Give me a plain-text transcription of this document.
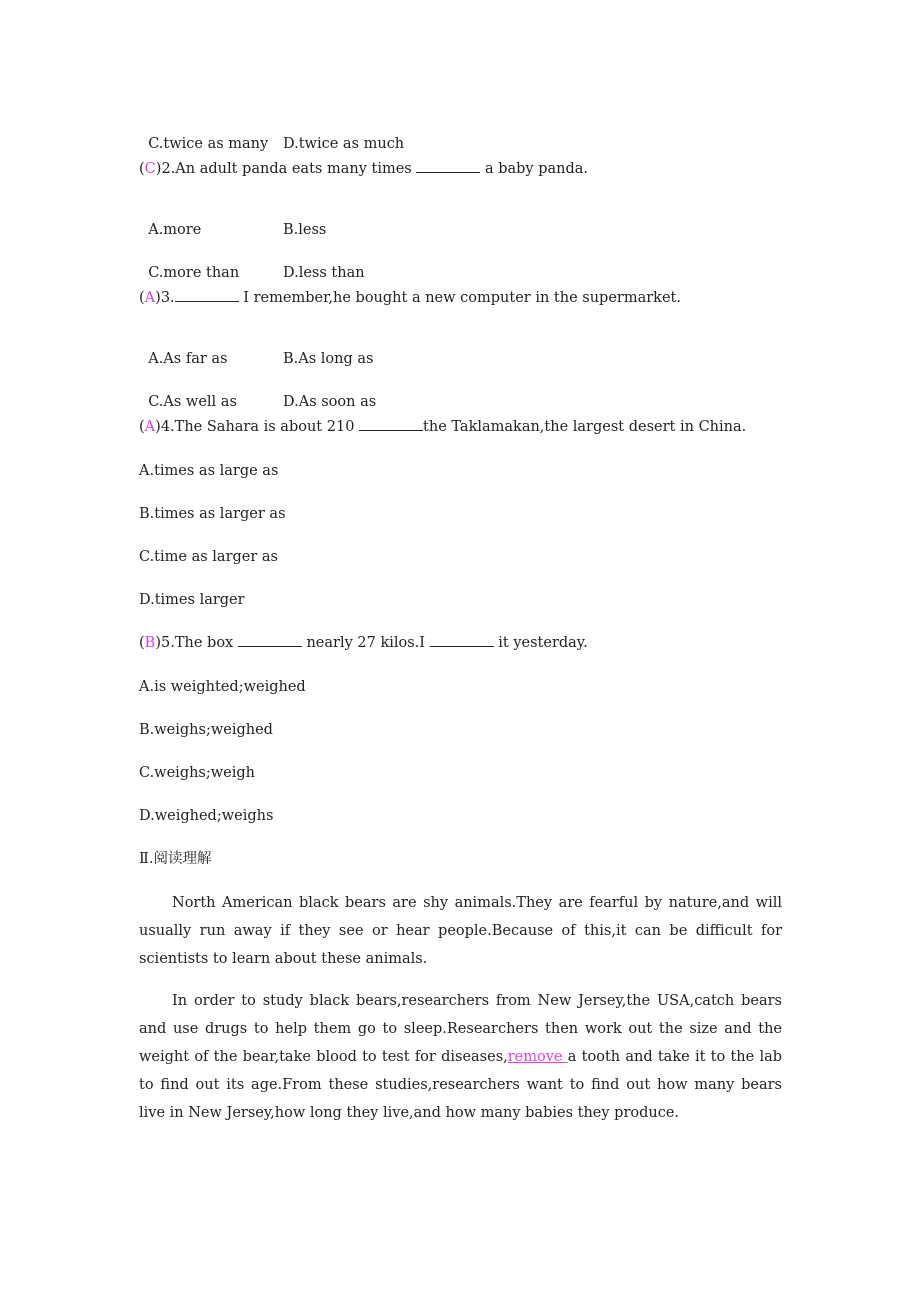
C.twice as many D.twice as much

(C)2.An adult panda eats many times	a baby panda.

A.more	B.less

C.more than	D.less than

(A)3.	I remember,he bought a new computer in the supermarket.

A.As far as	B.As long as

C.As well as	D.As soon as

(A)4.The Sahara is about 210	the Taklamakan,the largest desert in China.
A.times as large as
B.times as larger as
C.time as larger as
D.times larger
(B)5.The box	nearly 27 kilos.I	it yesterday.
A.is weighted;weighed
B.weighs;weighed
C.weighs;weigh
D.weighed;weighs
Ⅱ.阅读理解
North American black bears are shy animals.They are fearful by nature,and will usually run away if they see or hear people.Because of this,it can be difficult for scientists to learn about these animals.
In order to study black bears,researchers from New Jersey,the USA,catch bears and use drugs to help them go to sleep.Researchers then work out the size and the weight of the bear,take blood to test for diseases,remove a tooth and take it to the lab to find out its age.From these studies,researchers want to find out how many bears live in New Jersey,how long they live,and how many babies they produce.
